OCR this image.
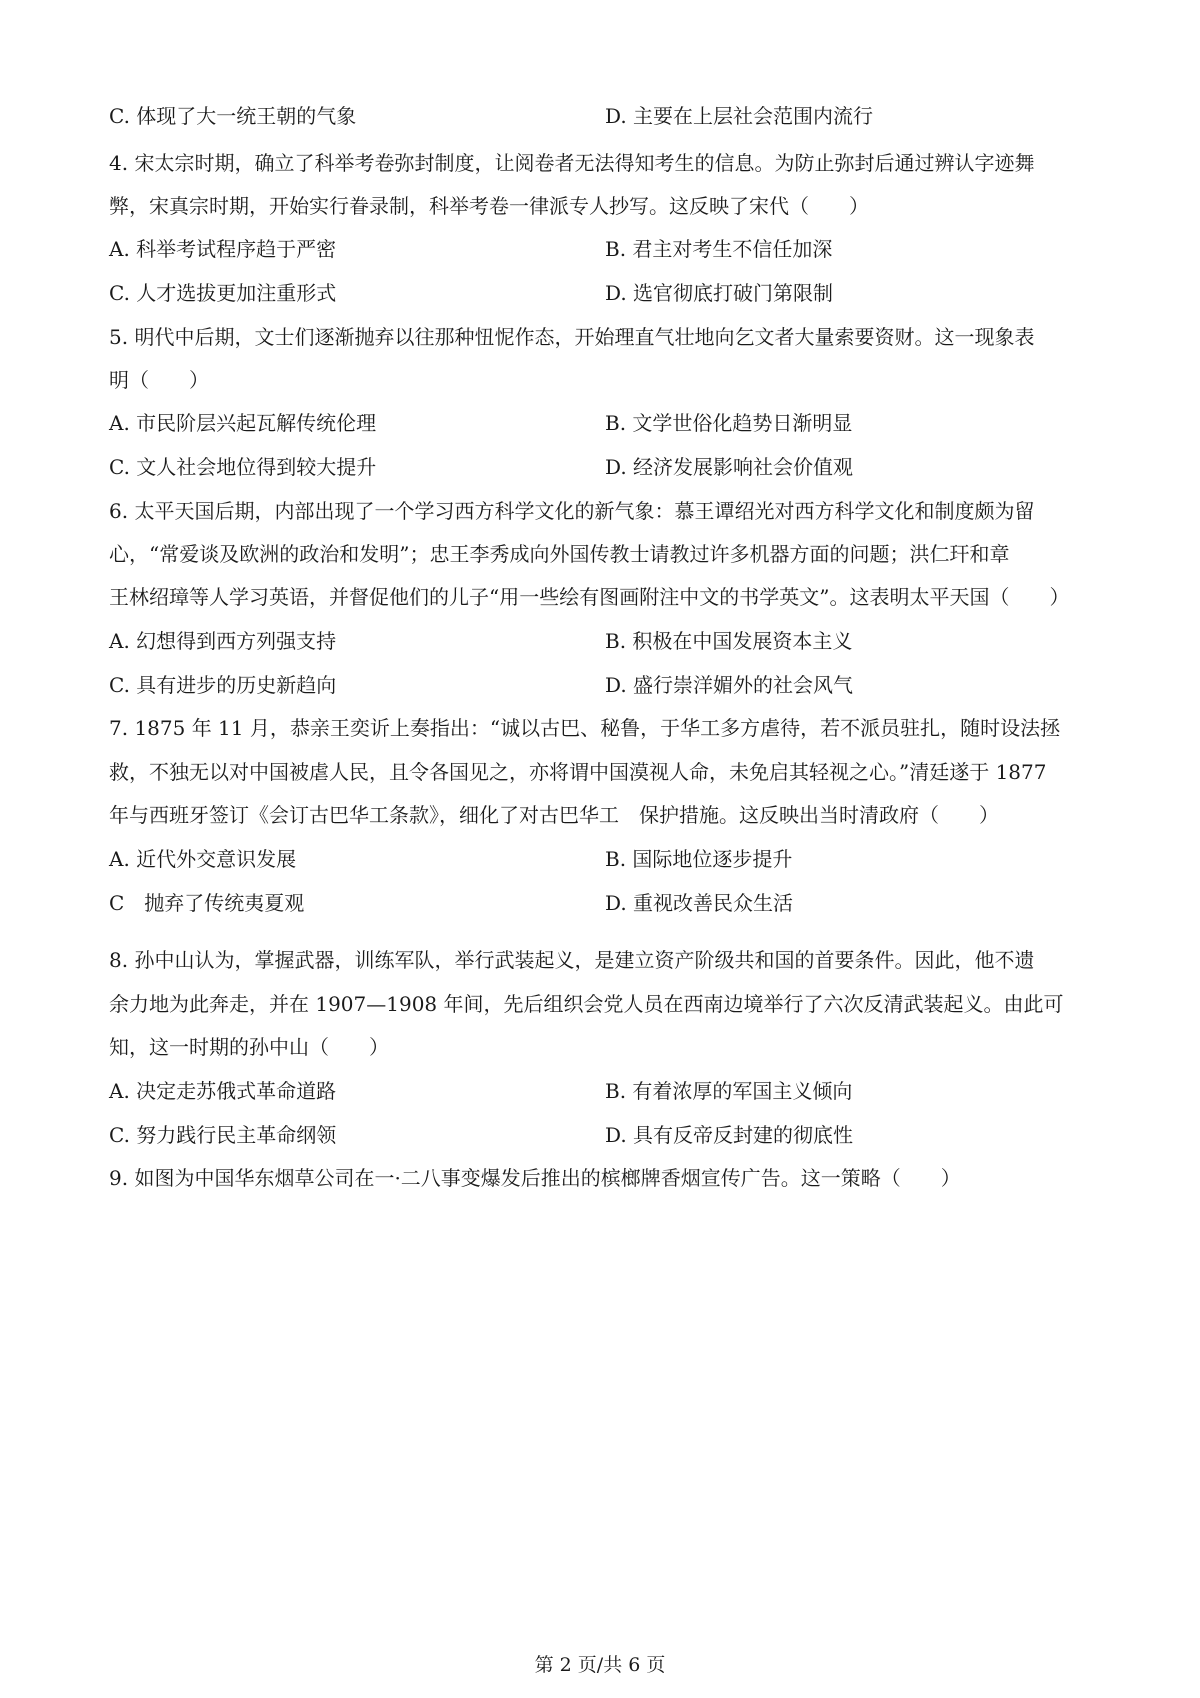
C. 体现了大一统王朝的气象	D. 主要在上层社会范围内流行
4. 宋太宗时期，确立了科举考卷弥封制度，让阅卷者无法得知考生的信息。为防止弥封后通过辨认字迹舞
弊，宋真宗时期，开始实行眷录制，科举考卷一律派专人抄写。这反映了宋代（　　）
A. 科举考试程序趋于严密	B. 君主对考生不信任加深
C. 人才选拔更加注重形式	D. 选官彻底打破门第限制
5. 明代中后期，文士们逐渐抛弃以往那种忸怩作态，开始理直气壮地向乞文者大量索要资财。这一现象表
明（　　）
A. 市民阶层兴起瓦解传统伦理	B. 文学世俗化趋势日渐明显
C. 文人社会地位得到较大提升	D. 经济发展影响社会价值观
6. 太平天国后期，内部出现了一个学习西方科学文化的新气象：慕王谭绍光对西方科学文化和制度颇为留
心，“常爱谈及欧洲的政治和发明”；忠王李秀成向外国传教士请教过许多机器方面的问题；洪仁玕和章
王林绍璋等人学习英语，并督促他们的儿子“用一些绘有图画附注中文的书学英文”。这表明太平天国（　　）
A. 幻想得到西方列强支持	B. 积极在中国发展资本主义
C. 具有进步的历史新趋向	D. 盛行崇洋媚外的社会风气
7. 1875 年 11 月，恭亲王奕䜣上奏指出：“诚以古巴、秘鲁，于华工多方虐待，若不派员驻扎，随时设法拯
救，不独无以对中国被虐人民，且令各国见之，亦将谓中国漠视人命，未免启其轻视之心。”清廷遂于 1877
年与西班牙签订《会订古巴华工条款》，细化了对古巴华工　保护措施。这反映出当时清政府（　　）
A. 近代外交意识发展	B. 国际地位逐步提升
C　抛弃了传统夷夏观	D. 重视改善民众生活
8. 孙中山认为，掌握武器，训练军队，举行武装起义，是建立资产阶级共和国的首要条件。因此，他不遗
余力地为此奔走，并在 1907—1908 年间，先后组织会党人员在西南边境举行了六次反清武装起义。由此可
知，这一时期的孙中山（　　）
A. 决定走苏俄式革命道路	B. 有着浓厚的军国主义倾向
C. 努力践行民主革命纲领	D. 具有反帝反封建的彻底性
9. 如图为中国华东烟草公司在一·二八事变爆发后推出的槟榔牌香烟宣传广告。这一策略（　　）
第 2 页/共 6 页
